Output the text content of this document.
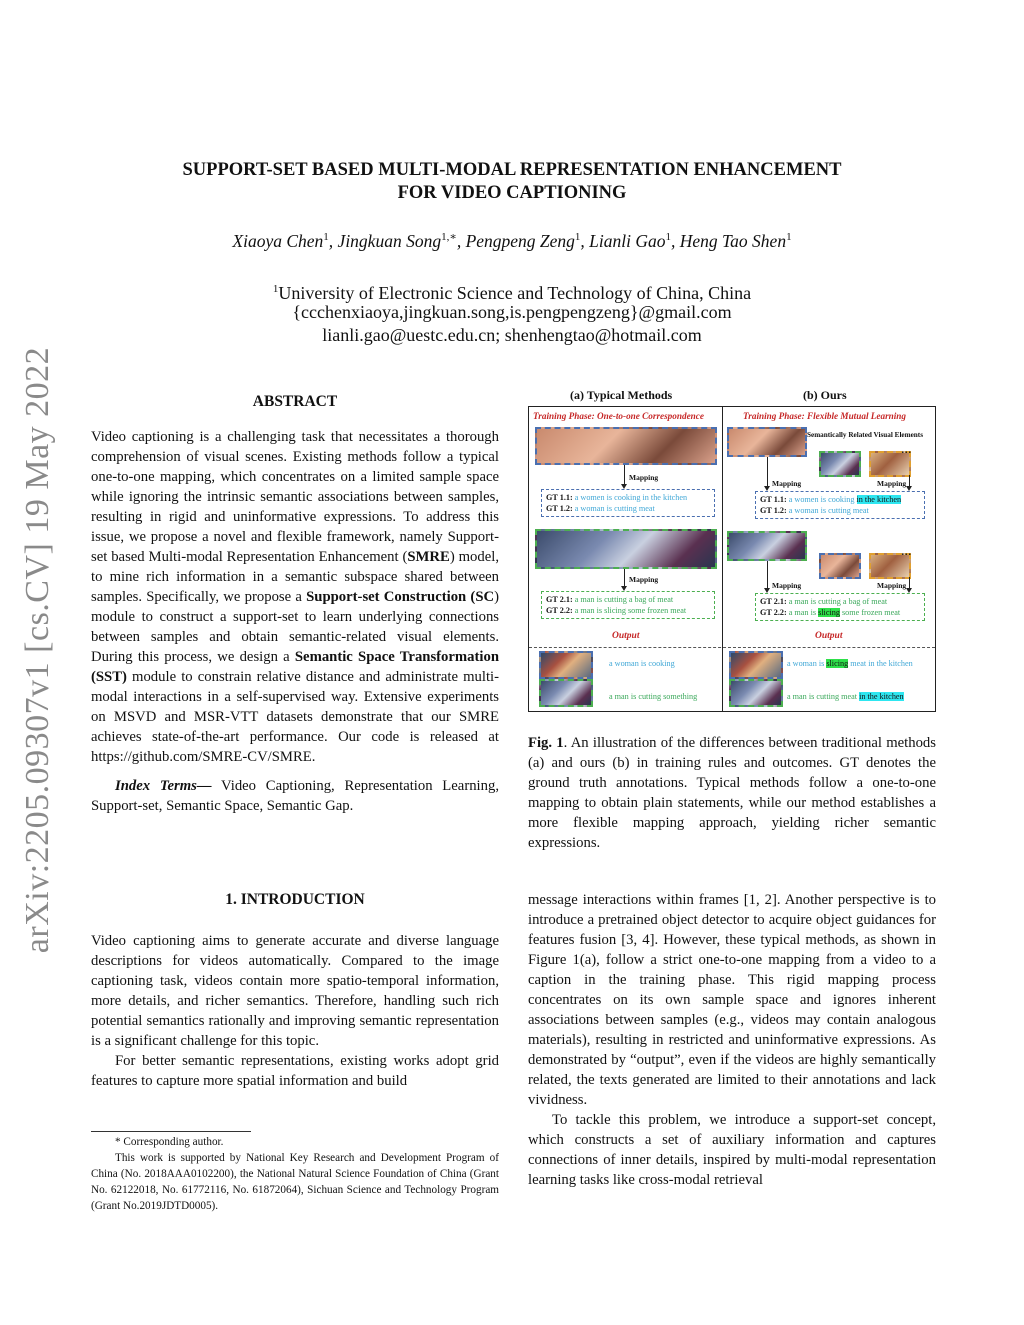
arXiv:2205.09307v1 [cs.CV] 19 May 2022
SUPPORT-SET BASED MULTI-MODAL REPRESENTATION ENHANCEMENT
FOR VIDEO CAPTIONING
Xiaoya Chen$^1$, Jingkuan Song$^{1,∗}$, Pengpeng Zeng$^1$, Lianli Gao$^1$, Heng Tao Shen$^1$
$^1$University of Electronic Science and Technology of China, China
{ccchenxiaoya,jingkuan.song,is.pengpengzeng}@gmail.com
lianli.gao@uestc.edu.cn; shenhengtao@hotmail.com
ABSTRACT

Video captioning is a challenging task that necessitates a thorough comprehension of visual scenes. Existing methods follow a typical one-to-one mapping, which concentrates on a limited sample space while ignoring the intrinsic semantic associations between samples, resulting in rigid and uninformative expressions. To address this issue, we propose a novel and flexible framework, namely Support-set based Multi-modal Representation Enhancement (SMRE) model, to mine rich information in a semantic subspace shared between samples. Specifically, we propose a Support-set Construction (SC) module to construct a support-set to learn underlying connections between samples and obtain semantic-related visual elements. During this process, we design a Semantic Space Transformation (SST) module to constrain relative distance and administrate multi-modal interactions in a self-supervised way. Extensive experiments on MSVD and MSR-VTT datasets demonstrate that our SMRE achieves state-of-the-art performance. Our code is released at https://github.com/SMRE-CV/SMRE.

Index Terms— Video Captioning, Representation Learning, Support-set, Semantic Space, Semantic Gap.

1. INTRODUCTION

Video captioning aims to generate accurate and diverse language descriptions for videos automatically. Compared to the image captioning task, videos contain more spatio-temporal information, more details, and richer semantics. Therefore, handling such rich potential semantics rationally and improving semantic representation is a significant challenge for this topic.

For better semantic representations, existing works adopt grid features to capture more spatial information and build

* Corresponding author.

This work is supported by National Key Research and Development Program of China (No. 2018AAA0102200), the National Natural Science Foundation of China (Grant No. 62122018, No. 61772116, No. 61872064), Sichuan Science and Technology Program (Grant No.2019JDTD0005).

(a) Typical Methods	(b) Ours
Training Phase: One-to-one Correspondence
Mapping
GT 1.1: a women is cooking in the kitchen
GT 1.2: a woman is cutting meat
Mapping
GT 2.1: a man is cutting a bag of meat
GT 2.2: a man is slicing some frozen meat
Output
a woman is cooking
a man is cutting something
Training Phase: Flexible Mutual Learning
Semantically Related Visual Elements
...
Mapping	Mapping
GT 1.1: a women is cooking in the kitchen
GT 1.2: a woman is cutting meat
...
Mapping	Mapping
GT 2.1: a man is cutting a bag of meat
GT 2.2: a man is slicing some frozen meat
Output
a woman is slicing meat in the kitchen
a man is cutting meat in the kitchen
Fig. 1. An illustration of the differences between traditional methods (a) and ours (b) in training rules and outcomes. GT denotes the ground truth annotations. Typical methods follow a one-to-one mapping to obtain plain statements, while our method establishes a more flexible mapping approach, yielding richer semantic expressions.

message interactions within frames [1, 2]. Another perspective is to introduce a pretrained object detector to acquire object guidances for features fusion [3, 4]. However, these typical methods, as shown in Figure 1(a), follow a strict one-to-one mapping from a video to a caption in the training phase. This rigid mapping process concentrates on its own sample space and ignores inherent associations between samples (e.g., videos may contain analogous materials), resulting in restricted and uninformative expressions. As demonstrated by “output”, even if the videos are highly semantically related, the texts generated are limited to their annotations and lack vividness.

To tackle this problem, we introduce a support-set concept, which constructs a set of auxiliary information and captures connections of inner details, inspired by multi-modal representation learning tasks like cross-modal retrieval
